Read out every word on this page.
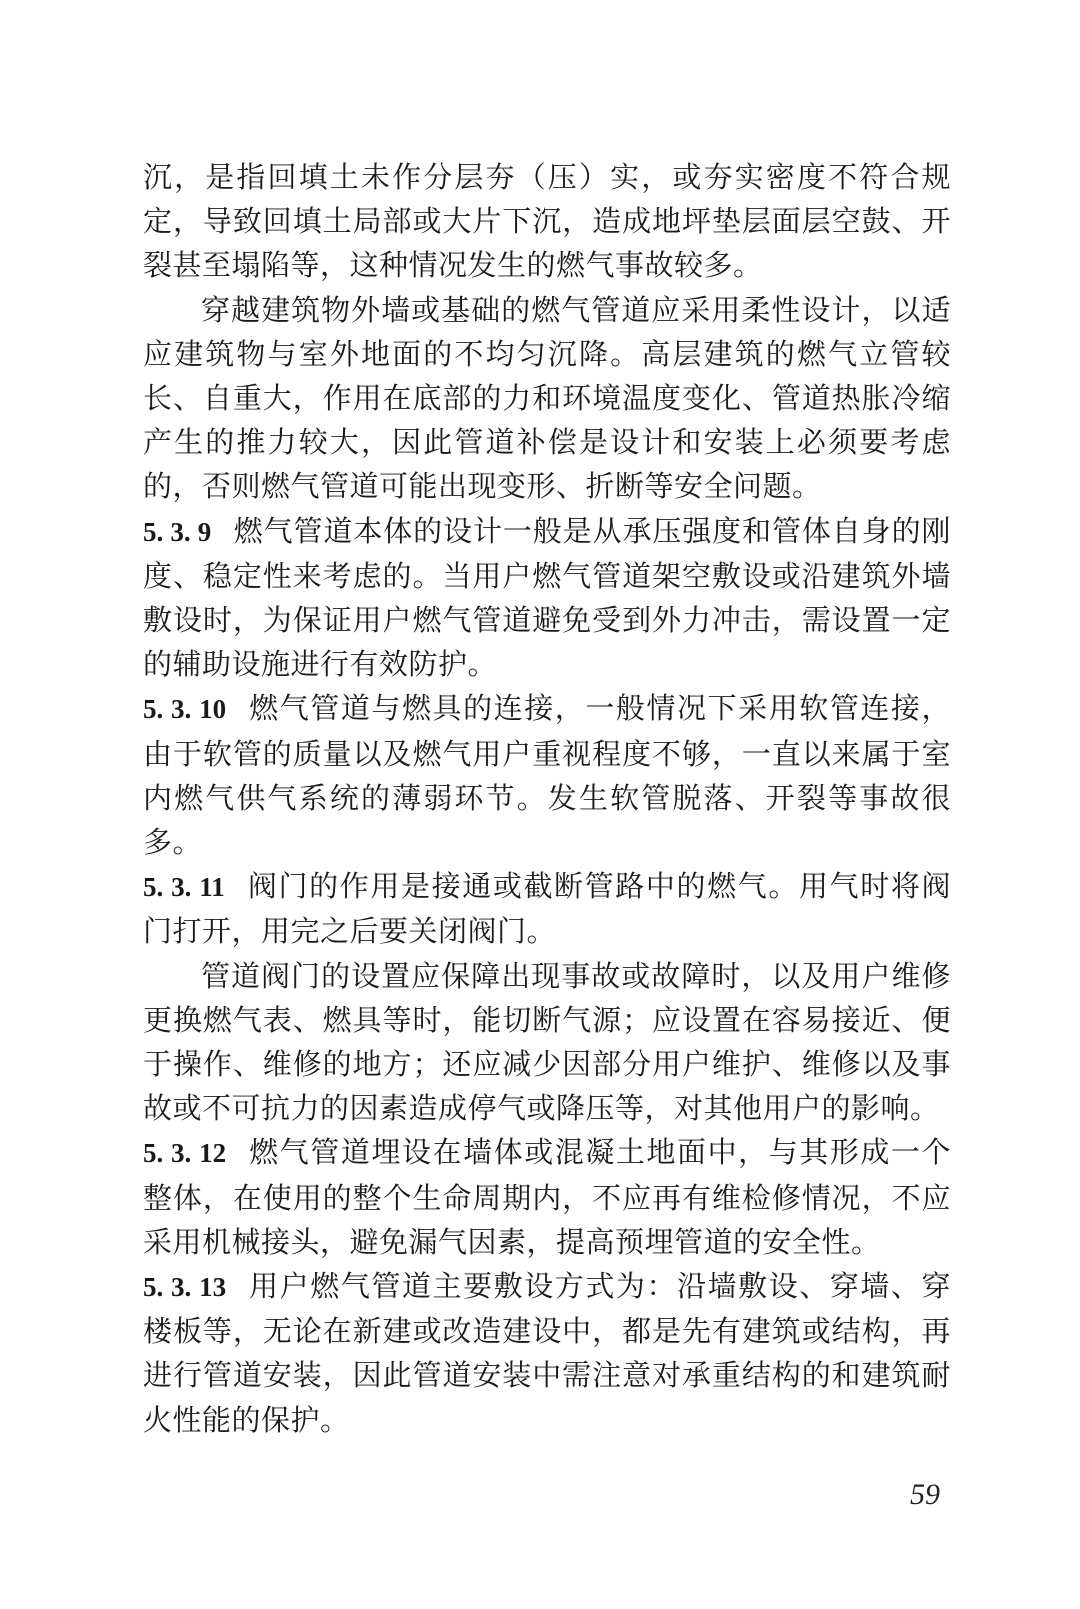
沉，是指回填土未作分层夯（压）实，或夯实密度不符合规定，导致回填土局部或大片下沉，造成地坪垫层面层空鼓、开裂甚至塌陷等，这种情况发生的燃气事故较多。

穿越建筑物外墙或基础的燃气管道应采用柔性设计，以适应建筑物与室外地面的不均匀沉降。高层建筑的燃气立管较长、自重大，作用在底部的力和环境温度变化、管道热胀冷缩产生的推力较大，因此管道补偿是设计和安装上必须要考虑的，否则燃气管道可能出现变形、折断等安全问题。

5. 3. 9 燃气管道本体的设计一般是从承压强度和管体自身的刚度、稳定性来考虑的。当用户燃气管道架空敷设或沿建筑外墙敷设时，为保证用户燃气管道避免受到外力冲击，需设置一定的辅助设施进行有效防护。

5. 3. 10 燃气管道与燃具的连接，一般情况下采用软管连接，由于软管的质量以及燃气用户重视程度不够，一直以来属于室内燃气供气系统的薄弱环节。发生软管脱落、开裂等事故很多。

5. 3. 11 阀门的作用是接通或截断管路中的燃气。用气时将阀门打开，用完之后要关闭阀门。

管道阀门的设置应保障出现事故或故障时，以及用户维修更换燃气表、燃具等时，能切断气源；应设置在容易接近、便于操作、维修的地方；还应减少因部分用户维护、维修以及事故或不可抗力的因素造成停气或降压等，对其他用户的影响。

5. 3. 12 燃气管道埋设在墙体或混凝土地面中，与其形成一个整体，在使用的整个生命周期内，不应再有维检修情况，不应采用机械接头，避免漏气因素，提高预埋管道的安全性。

5. 3. 13 用户燃气管道主要敷设方式为：沿墙敷设、穿墙、穿楼板等，无论在新建或改造建设中，都是先有建筑或结构，再进行管道安装，因此管道安装中需注意对承重结构的和建筑耐火性能的保护。

59
